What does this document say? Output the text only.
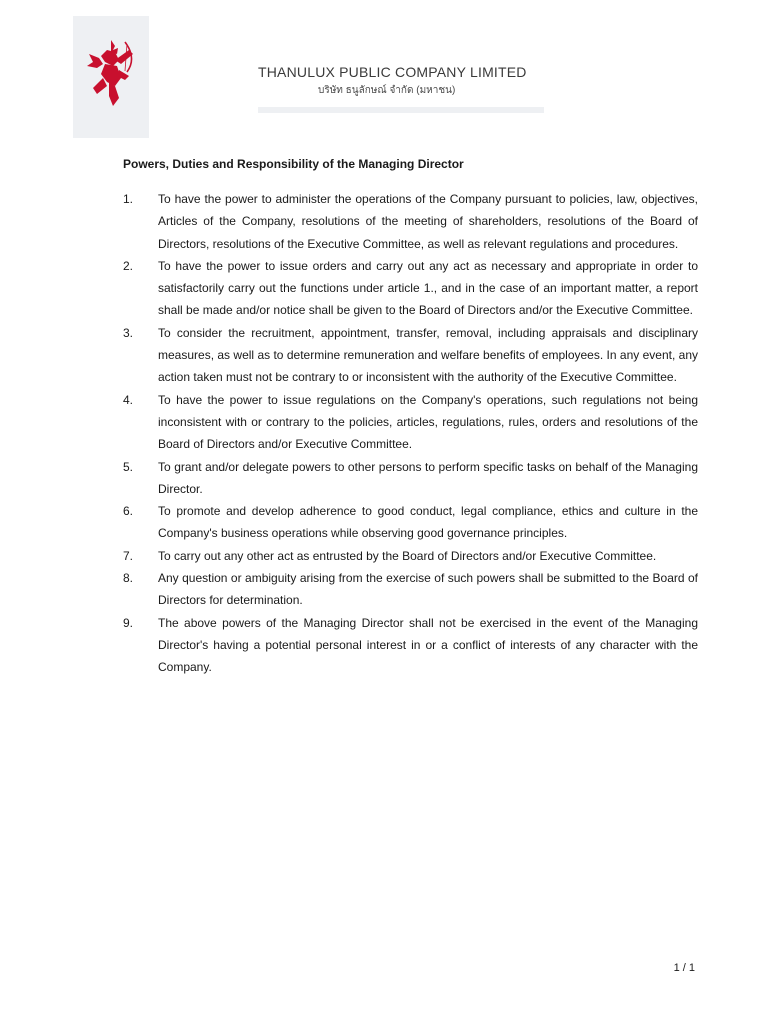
THANULUX PUBLIC COMPANY LIMITED
บริษัท ธนูลักษณ์ จำกัด (มหาชน)
Powers, Duties and Responsibility of the Managing Director
1.	To have the power to administer the operations of the Company pursuant to policies, law, objectives, Articles of the Company, resolutions of the meeting of shareholders, resolutions of the Board of Directors, resolutions of the Executive Committee, as well as relevant regulations and procedures.
2.	To have the power to issue orders and carry out any act as necessary and appropriate in order to satisfactorily carry out the functions under article 1., and in the case of an important matter, a report shall be made and/or notice shall be given to the Board of Directors and/or the Executive Committee.
3.	To consider the recruitment, appointment, transfer, removal, including appraisals and disciplinary measures, as well as to determine remuneration and welfare benefits of employees. In any event, any action taken must not be contrary to or inconsistent with the authority of the Executive Committee.
4.	To have the power to issue regulations on the Company's operations, such regulations not being inconsistent with or contrary to the policies, articles, regulations, rules, orders and resolutions of the Board of Directors and/or Executive Committee.
5.	To grant and/or delegate powers to other persons to perform specific tasks on behalf of the Managing Director.
6.	To promote and develop adherence to good conduct, legal compliance, ethics and culture in the Company's business operations while observing good governance principles.
7.	To carry out any other act as entrusted by the Board of Directors and/or Executive Committee.
8.	Any question or ambiguity arising from the exercise of such powers shall be submitted to the Board of Directors for determination.
9.	The above powers of the Managing Director shall not be exercised in the event of the Managing Director's having a potential personal interest in or a conflict of interests of any character with the Company.
1 / 1
